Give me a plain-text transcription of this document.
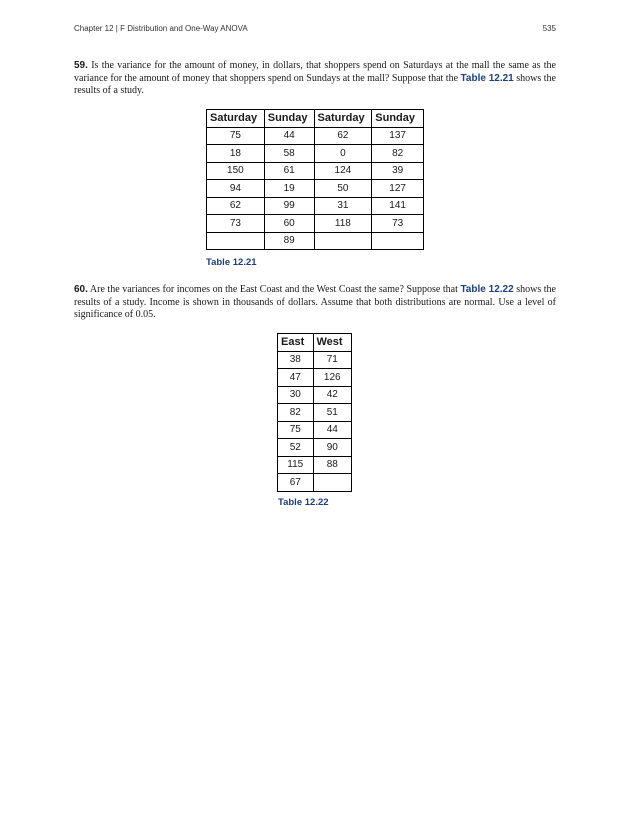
Chapter 12 | F Distribution and One-Way ANOVA	535
59. Is the variance for the amount of money, in dollars, that shoppers spend on Saturdays at the mall the same as the variance for the amount of money that shoppers spend on Sundays at the mall? Suppose that the Table 12.21 shows the results of a study.
Saturday	Sunday	Saturday	Sunday
75	44	62	137
18	58	0	82
150	61	124	39
94	19	50	127
62	99	31	141
73	60	118	73
	89		
Table 12.21
60. Are the variances for incomes on the East Coast and the West Coast the same? Suppose that Table 12.22 shows the results of a study. Income is shown in thousands of dollars. Assume that both distributions are normal. Use a level of significance of 0.05.
East	West
38	71
47	126
30	42
82	51
75	44
52	90
115	88
67	
Table 12.22
